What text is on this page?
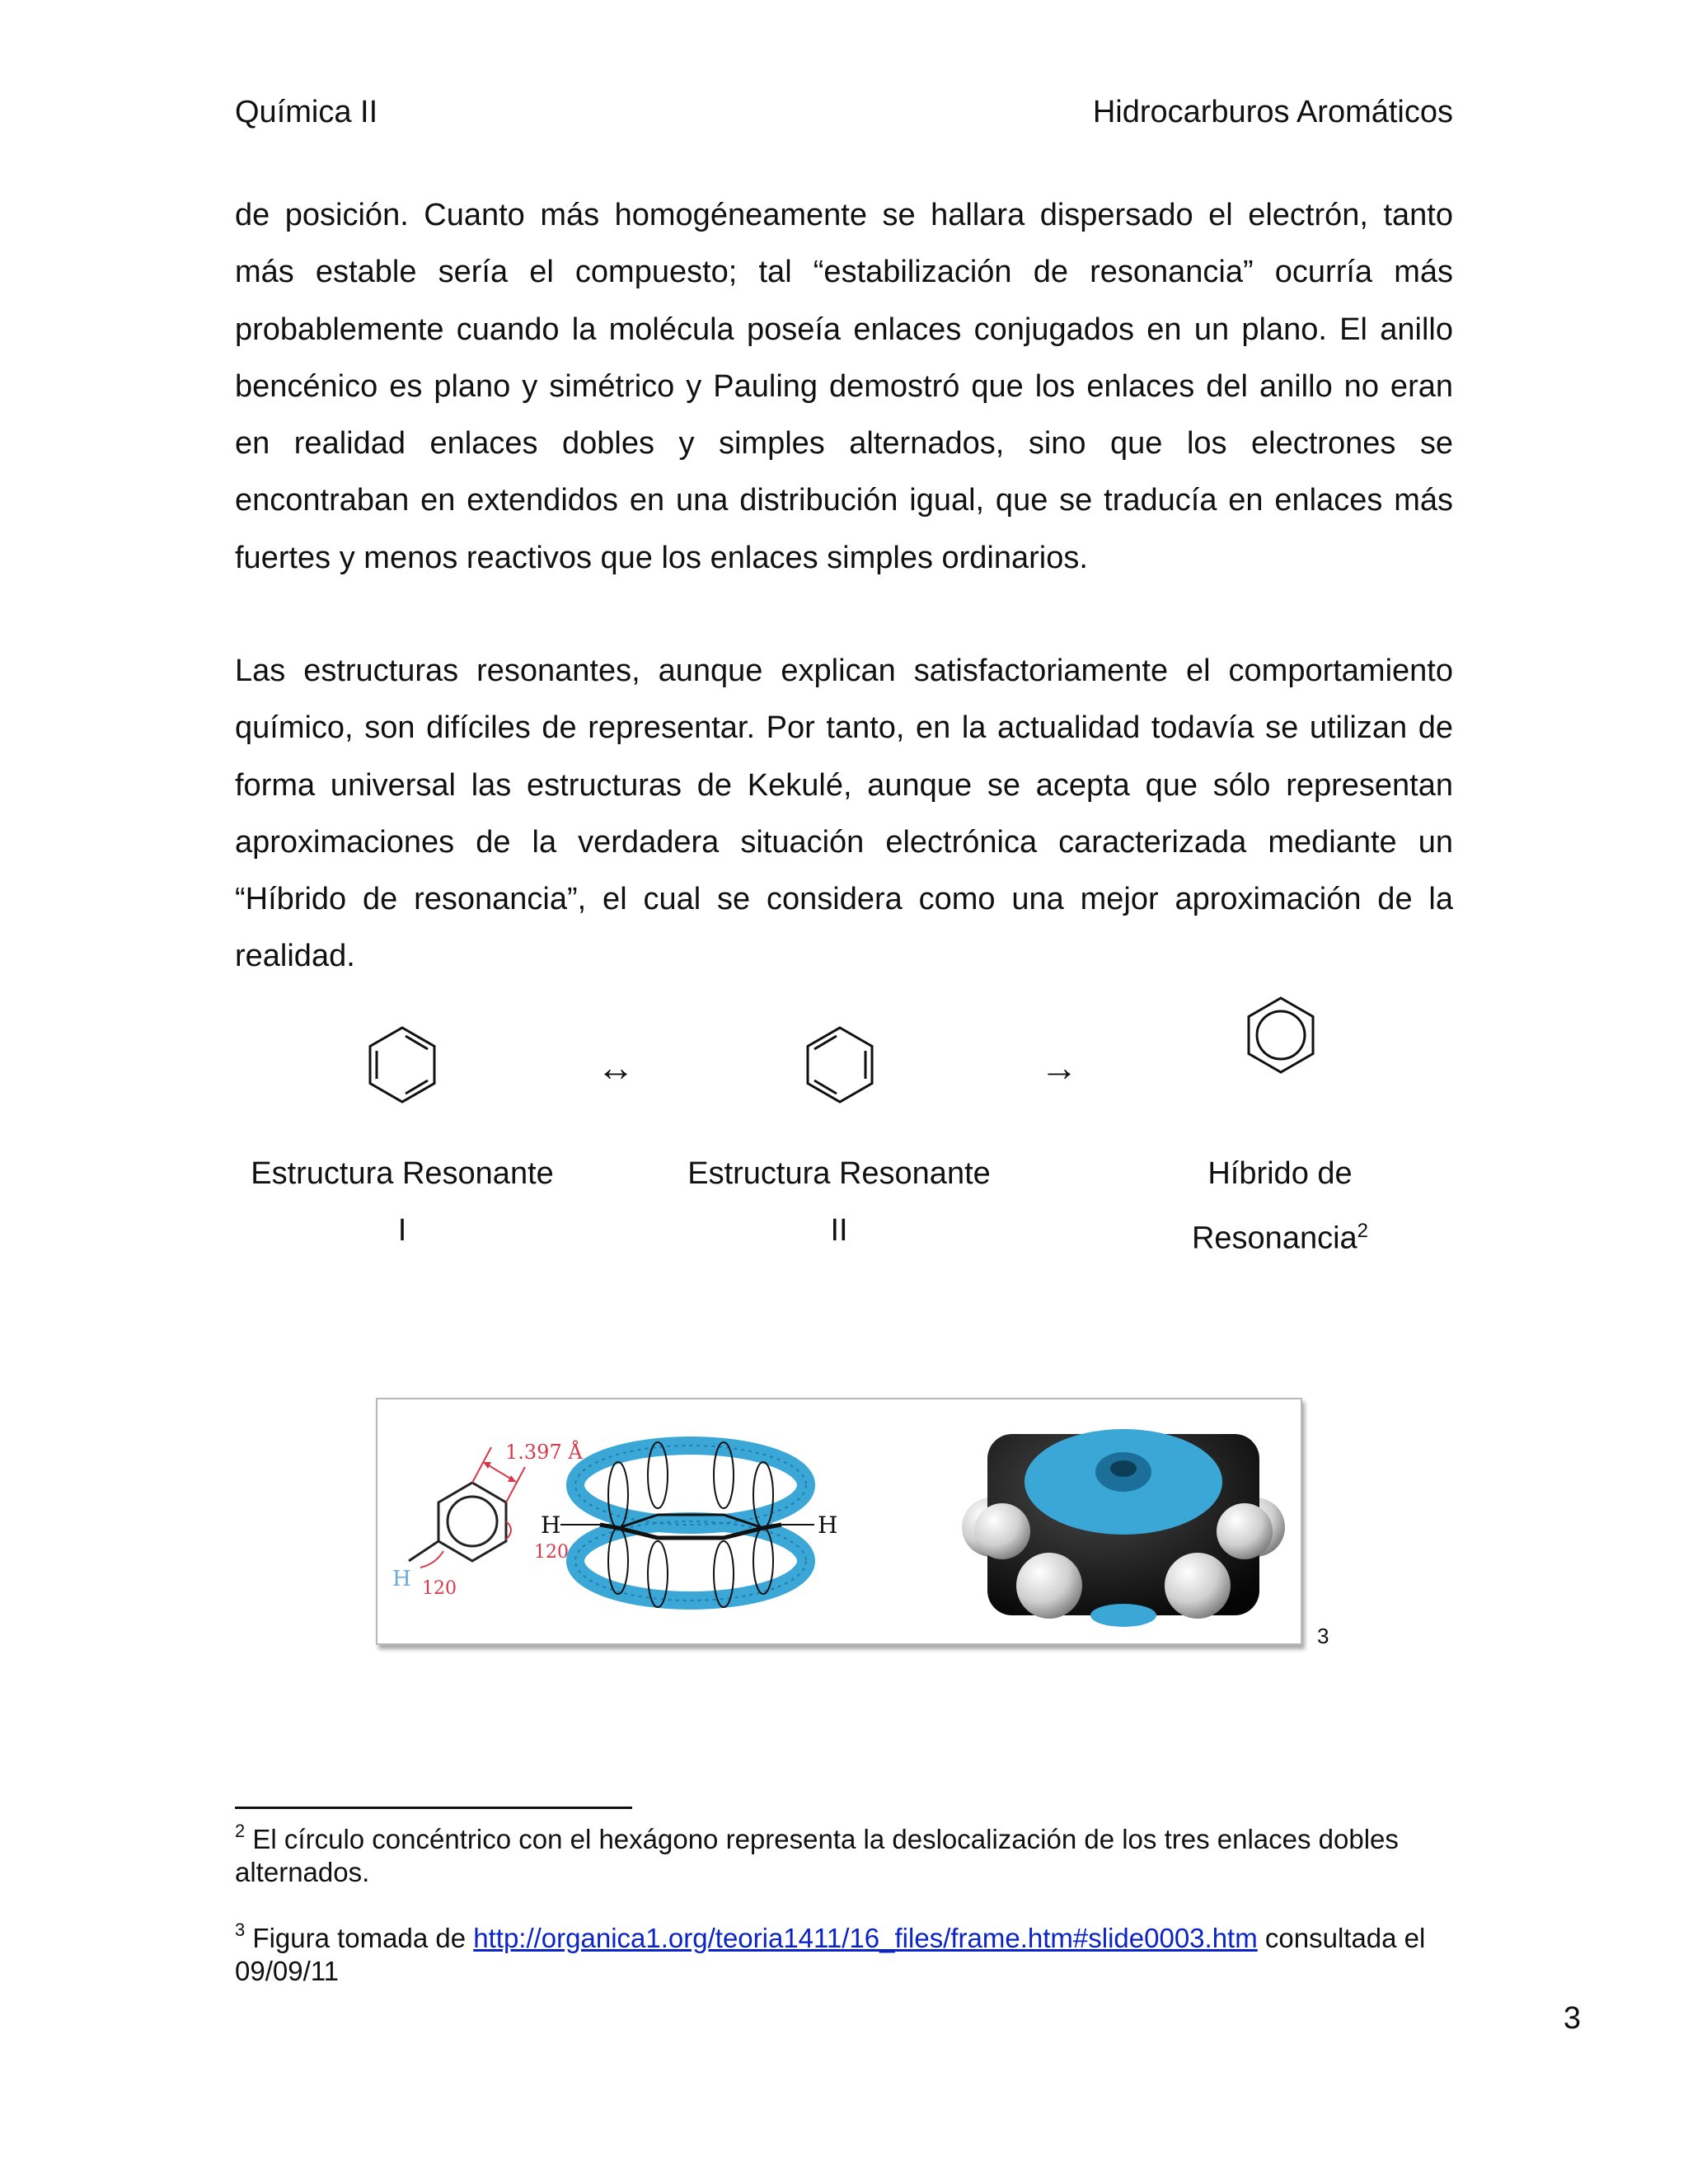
Química II	Hidrocarburos Aromáticos

de posición. Cuanto más homogéneamente se hallara dispersado el electrón, tanto más estable sería el compuesto; tal “estabilización de resonancia” ocurría más probablemente cuando la molécula poseía enlaces conjugados en un plano. El anillo bencénico es plano y simétrico y Pauling demostró que los enlaces del anillo no eran en realidad enlaces dobles y simples alternados, sino que los electrones se encontraban en extendidos en una distribución igual, que se traducía en enlaces más fuertes y menos reactivos que los enlaces simples ordinarios.

Las estructuras resonantes, aunque explican satisfactoriamente el comportamiento químico, son difíciles de representar. Por tanto, en la actualidad todavía se utilizan de forma universal las estructuras de Kekulé, aunque se acepta que sólo representan aproximaciones de la verdadera situación electrónica caracterizada mediante un “Híbrido de resonancia”, el cual se considera como una mejor aproximación de la realidad.

↔	→
Estructura Resonante
I
Estructura Resonante
II
Híbrido de
Resonancia$^2$
1.397 Å
120
120
H
H	H
3

$^2$ El círculo concéntrico con el hexágono representa la deslocalización de los tres enlaces dobles alternados.

$^3$ Figura tomada de http://organica1.org/teoria1411/16_files/frame.htm#slide0003.htm consultada el 09/09/11

3
